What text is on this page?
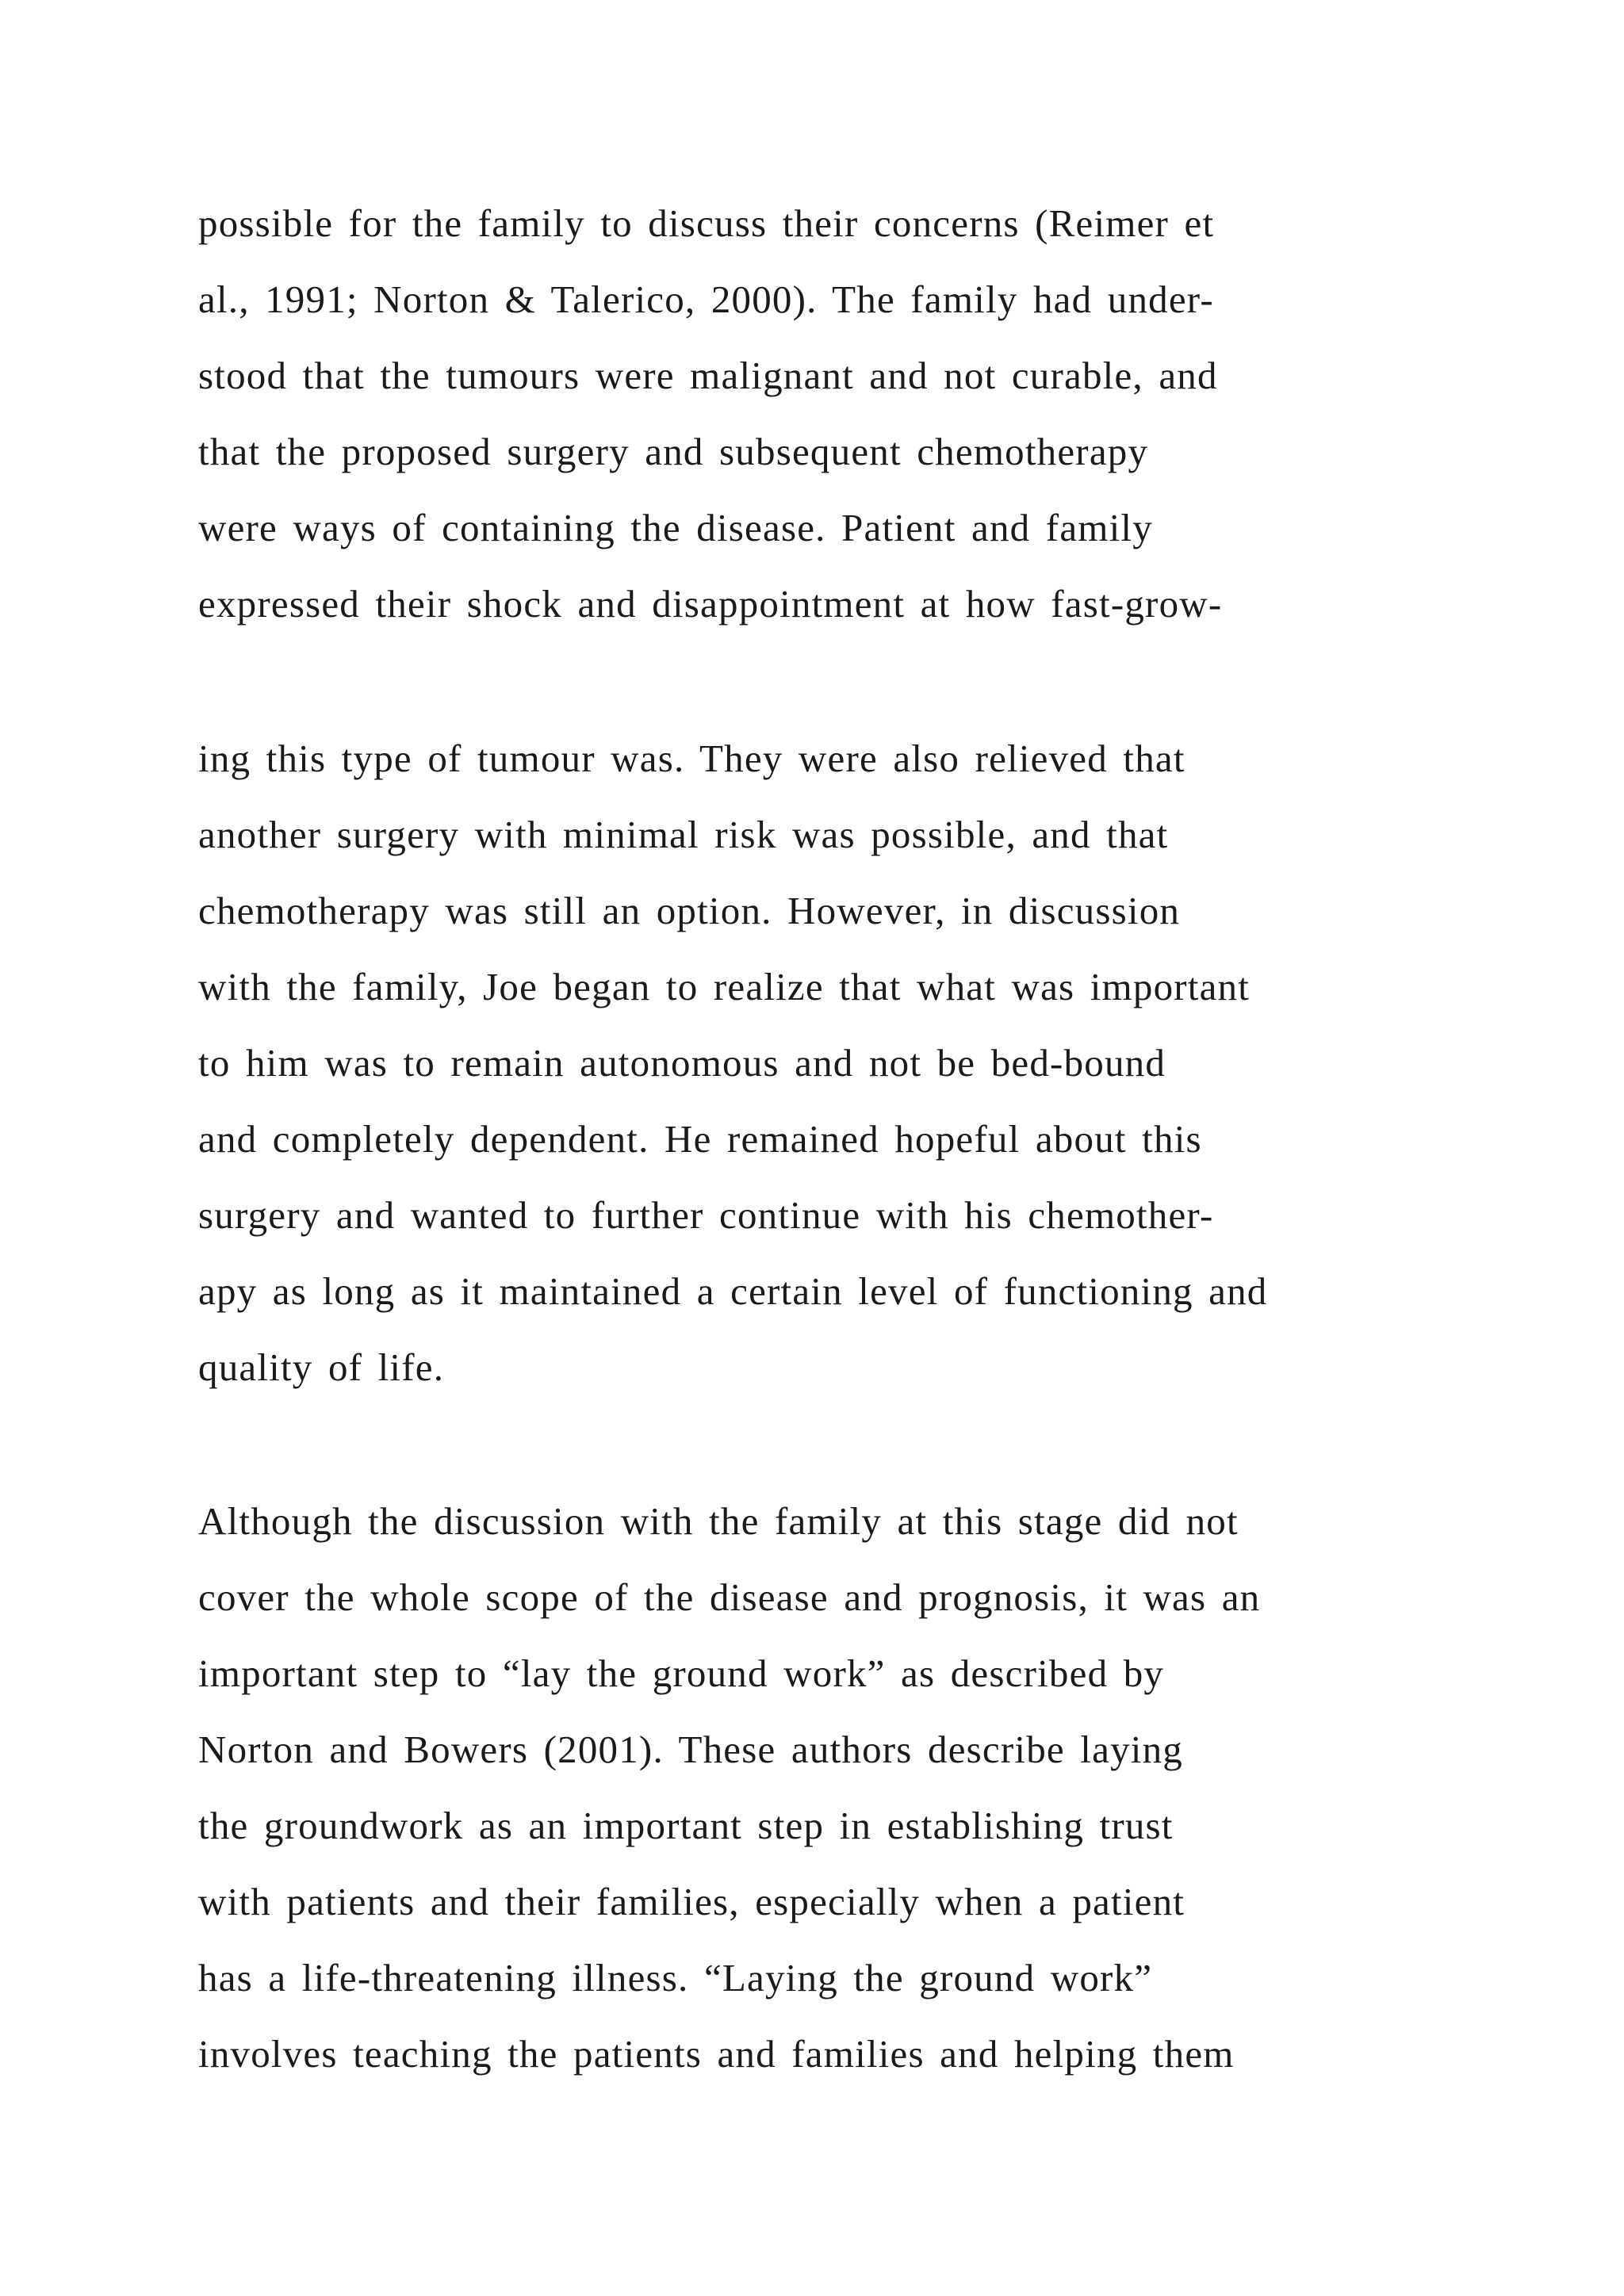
possible for the family to discuss their concerns (Reimer et
al., 1991; Norton & Talerico, 2000). The family had under-
stood that the tumours were malignant and not curable, and
that the proposed surgery and subsequent chemotherapy
were ways of containing the disease. Patient and family
expressed their shock and disappointment at how fast-grow-
ing this type of tumour was. They were also relieved that
another surgery with minimal risk was possible, and that
chemotherapy was still an option. However, in discussion
with the family, Joe began to realize that what was important
to him was to remain autonomous and not be bed-bound
and completely dependent. He remained hopeful about this
surgery and wanted to further continue with his chemother-
apy as long as it maintained a certain level of functioning and
quality of life.
Although the discussion with the family at this stage did not
cover the whole scope of the disease and prognosis, it was an
important step to “lay the ground work” as described by
Norton and Bowers (2001). These authors describe laying
the groundwork as an important step in establishing trust
with patients and their families, especially when a patient
has a life-threatening illness. “Laying the ground work”
involves teaching the patients and families and helping them
